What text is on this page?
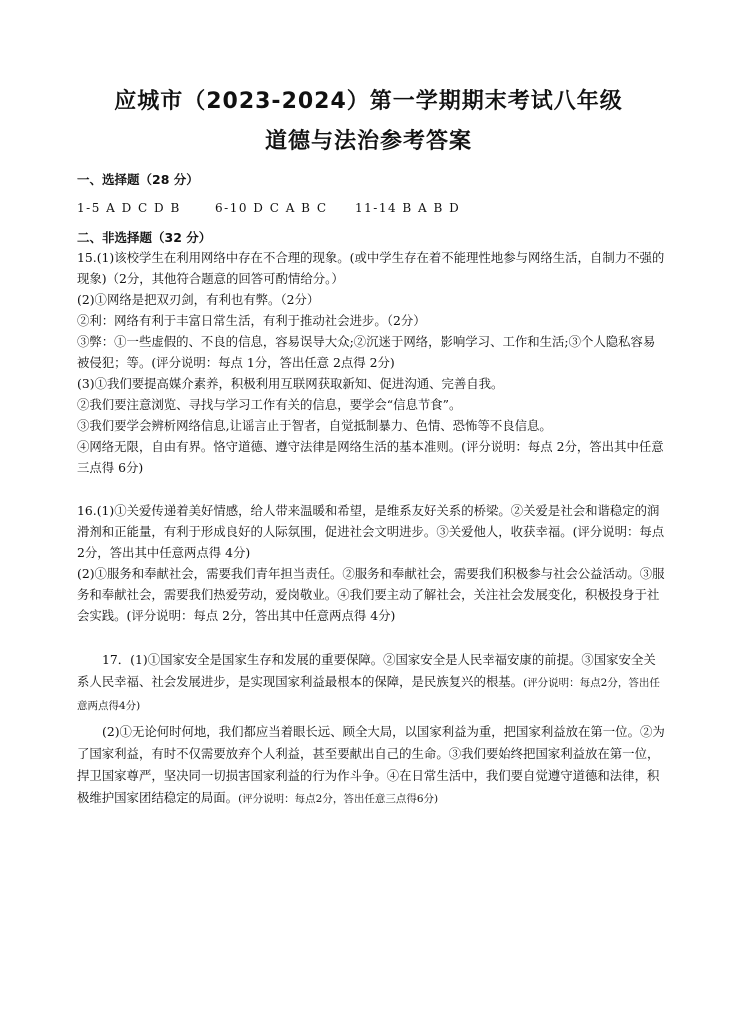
应城市（2023-2024）第一学期期末考试八年级
道德与法治参考答案
一、选择题（28 分）
1-5 A D C D B	6-10 D C A B C 11-14 B A B D
二、非选择题（32 分）

15.(1)该校学生在利用网络中存在不合理的现象。(或中学生存在着不能理性地参与网络生活，自制力不强的现象)（2分，其他符合题意的回答可酌情给分。）

(2)①网络是把双刃剑，有利也有弊。（2分）

②利：网络有利于丰富日常生活，有利于推动社会进步。（2分）

③弊：①一些虚假的、不良的信息，容易误导大众;②沉迷于网络，影响学习、工作和生活;③个人隐私容易被侵犯；等。(评分说明：每点 1分，答出任意 2点得 2分)

(3)①我们要提高媒介素养，积极利用互联网获取新知、促进沟通、完善自我。

②我们要注意浏览、寻找与学习工作有关的信息，要学会“信息节食”。

③我们要学会辨析网络信息,让谣言止于智者，自觉抵制暴力、色情、恐怖等不良信息。

④网络无限，自由有界。恪守道德、遵守法律是网络生活的基本准则。(评分说明：每点 2分，答出其中任意三点得 6分)

16.(1)①关爱传递着美好情感，给人带来温暖和希望，是维系友好关系的桥梁。②关爱是社会和谐稳定的润滑剂和正能量，有利于形成良好的人际氛围，促进社会文明进步。③关爱他人，收获幸福。(评分说明：每点 2分，答出其中任意两点得 4分)

(2)①服务和奉献社会，需要我们青年担当责任。②服务和奉献社会，需要我们积极参与社会公益活动。③服务和奉献社会，需要我们热爱劳动，爱岗敬业。④我们要主动了解社会，关注社会发展变化，积极投身于社会实践。(评分说明：每点 2分，答出其中任意两点得 4分)

17．(1)①国家安全是国家生存和发展的重要保障。②国家安全是人民幸福安康的前提。③国家安全关系人民幸福、社会发展进步，是实现国家利益最根本的保障，是民族复兴的根基。(评分说明：每点2分，答出任意两点得4分)

(2)①无论何时何地，我们都应当着眼长远、顾全大局，以国家利益为重，把国家利益放在第一位。②为了国家利益，有时不仅需要放弃个人利益，甚至要献出自己的生命。③我们要始终把国家利益放在第一位，捍卫国家尊严，坚决同一切损害国家利益的行为作斗争。④在日常生活中，我们要自觉遵守道德和法律，积极维护国家团结稳定的局面。(评分说明：每点2分，答出任意三点得6分)
